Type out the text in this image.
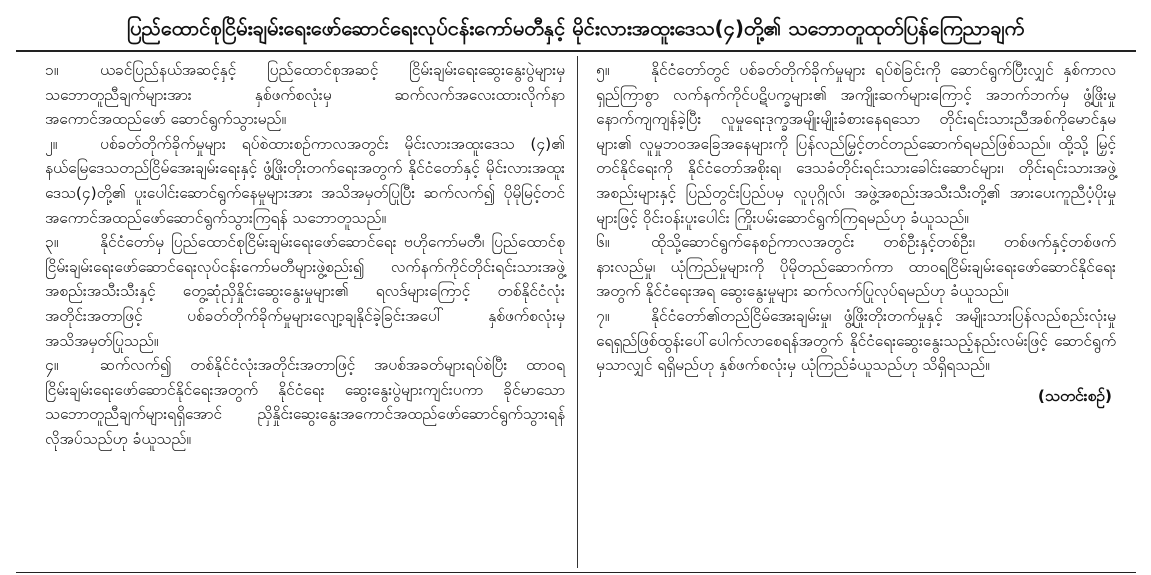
ပြည်ထောင်စုငြိမ်းချမ်းရေးဖော်ဆောင်ရေးလုပ်ငန်းကော်မတီနှင့် မိုင်းလားအထူးဒေသ(၄)တို့၏ သဘောတူထုတ်ပြန်ကြေညာချက်

၁။	ယခင်ပြည်နယ်အဆင့်နှင့် ပြည်ထောင်စုအဆင့် ငြိမ်းချမ်းရေးဆွေးနွေးပွဲများမှ သဘောတူညီချက်များအား နှစ်ဖက်စလုံးမှ ဆက်လက်အလေးထားလိုက်နာအကောင်အထည်ဖော် ဆောင်ရွက်သွားမည်။

၂။	ပစ်ခတ်တိုက်ခိုက်မှုများ ရပ်စဲထားစဉ်ကာလအတွင်း မိုင်းလားအထူးဒေသ (၄)၏ နယ်မြေဒေသတည်ငြိမ်အေးချမ်းရေးနှင့် ဖွံ့ဖြိုးတိုးတက်ရေးအတွက် နိုင်ငံတော်နှင့် မိုင်းလားအထူးဒေသ(၄)တို့၏ ပူးပေါင်းဆောင်ရွက်နေမှုများအား အသိအမှတ်ပြုပြီး ဆက်လက်၍ ပိုမိုမြင့်တင်အကောင်အထည်ဖော်ဆောင်ရွက်သွားကြရန် သဘောတူသည်။

၃။	နိုင်ငံတော်မှ ပြည်ထောင်စုငြိမ်းချမ်းရေးဖော်ဆောင်ရေး ဗဟိုကော်မတီ၊ ပြည်ထောင်စုငြိမ်းချမ်းရေးဖော်ဆောင်ရေးလုပ်ငန်းကော်မတီများဖွဲ့စည်း၍ လက်နက်ကိုင်တိုင်းရင်းသားအဖွဲ့အစည်းအသီးသီးနှင့် တွေ့ဆုံညှိနှိုင်းဆွေးနွေးမှုများ၏ ရလဒ်များကြောင့် တစ်နိုင်ငံလုံးအတိုင်းအတာဖြင့် ပစ်ခတ်တိုက်ခိုက်မှုများလျော့ချနိုင်ခဲ့ခြင်းအပေါ် နှစ်ဖက်စလုံးမှ အသိအမှတ်ပြုသည်။

၄။	ဆက်လက်၍ တစ်နိုင်ငံလုံးအတိုင်းအတာဖြင့် အပစ်အခတ်များရပ်စဲပြီး ထာဝရငြိမ်းချမ်းရေးဖော်ဆောင်နိုင်ရေးအတွက် နိုင်ငံရေး ဆွေးနွေးပွဲများကျင်းပကာ ခိုင်မာသောသဘောတူညီချက်များရရှိအောင် ညှိနှိုင်းဆွေးနွေးအကောင်အထည်ဖော်ဆောင်ရွက်သွားရန် လိုအပ်သည်ဟု ခံယူသည်။

၅။	နိုင်ငံတော်တွင် ပစ်ခတ်တိုက်ခိုက်မှုများ ရပ်စဲခြင်းကို ဆောင်ရွက်ပြီးလျှင် နှစ်ကာလရှည်ကြာစွာ လက်နက်ကိုင်ပဋိပက္ခများ၏ အကျိုးဆက်များကြောင့် အဘက်ဘက်မှ ဖွံ့ဖြိုးမှုနောက်ကျကျန်ခဲ့ပြီး လူမှုရေးဒုက္ခအမျိုးမျိုးခံစားနေရသော တိုင်းရင်းသားညီအစ်ကိုမောင်နှမများ၏ လူမှုဘဝအခြေအနေများကို ပြန်လည်မြှင့်တင်တည်ဆောက်ရမည်ဖြစ်သည်။ ထို့သို့ မြှင့်တင်နိုင်ရေးကို နိုင်ငံတော်အစိုးရ၊ ဒေသခံတိုင်းရင်းသားခေါင်းဆောင်များ၊ တိုင်းရင်းသားအဖွဲ့အစည်းများနှင့် ပြည်တွင်းပြည်ပမှ လူပုဂ္ဂိုလ်၊ အဖွဲ့အစည်းအသီးသီးတို့၏ အားပေးကူညီပံ့ပိုးမှုများဖြင့် ဝိုင်းဝန်းပူးပေါင်း ကြိုးပမ်းဆောင်ရွက်ကြရမည်ဟု ခံယူသည်။

၆။	ထိုသို့ဆောင်ရွက်နေစဉ်ကာလအတွင်း တစ်ဦးနှင့်တစ်ဦး၊ တစ်ဖက်နှင့်တစ်ဖက် နားလည်မှု၊ ယုံကြည်မှုများကို ပိုမိုတည်ဆောက်ကာ ထာဝရငြိမ်းချမ်းရေးဖော်ဆောင်နိုင်ရေးအတွက် နိုင်ငံရေးအရ ဆွေးနွေးမှုများ ဆက်လက်ပြုလုပ်ရမည်ဟု ခံယူသည်။

၇။	နိုင်ငံတော်၏တည်ငြိမ်အေးချမ်းမှု၊ ဖွံ့ဖြိုးတိုးတက်မှုနှင့် အမျိုးသားပြန်လည်စည်းလုံးမှုရေရှည်ဖြစ်ထွန်းပေါ်ပေါက်လာစေရန်အတွက် နိုင်ငံရေးဆွေးနွေးသည့်နည်းလမ်းဖြင့် ဆောင်ရွက်မှသာလျှင် ရရှိမည်ဟု နှစ်ဖက်စလုံးမှ ယုံကြည်ခံယူသည်ဟု သိရှိရသည်။

(သတင်းစဉ်)
